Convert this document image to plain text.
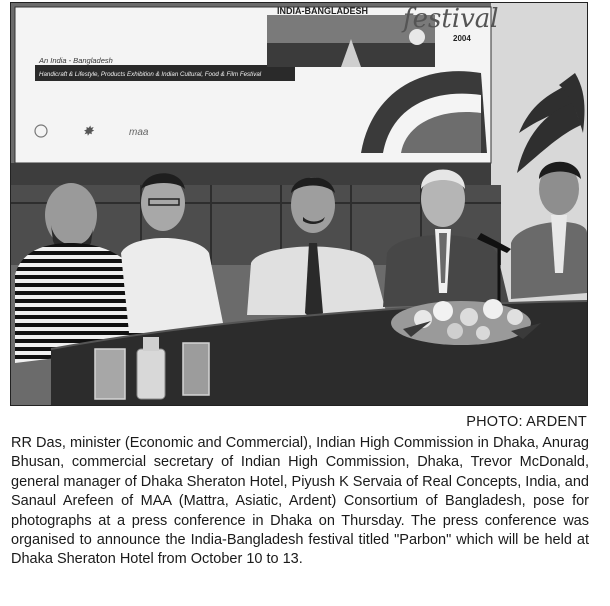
INDIA-BANGLADESH festival
2004
An India - Bangladesh
Handicraft & Lifestyle, Products Exhibition & Indian Cultural, Food & Film Festival
✸	maa
PHOTO: ARDENT
RR Das, minister (Economic and Commercial), Indian High Commission in Dhaka, Anurag Bhusan, commercial secretary of Indian High Commission, Dhaka, Trevor McDonald, general manager of Dhaka Sheraton Hotel, Piyush K Servaia of Real Concepts, India, and Sanaul Arefeen of MAA (Mattra, Asiatic, Ardent) Consortium of Bangladesh, pose for photographs at a press conference in Dhaka on Thursday. The press conference was organised to announce the India-Bangladesh festival titled "Parbon" which will be held at Dhaka Sheraton Hotel from October 10 to 13.
